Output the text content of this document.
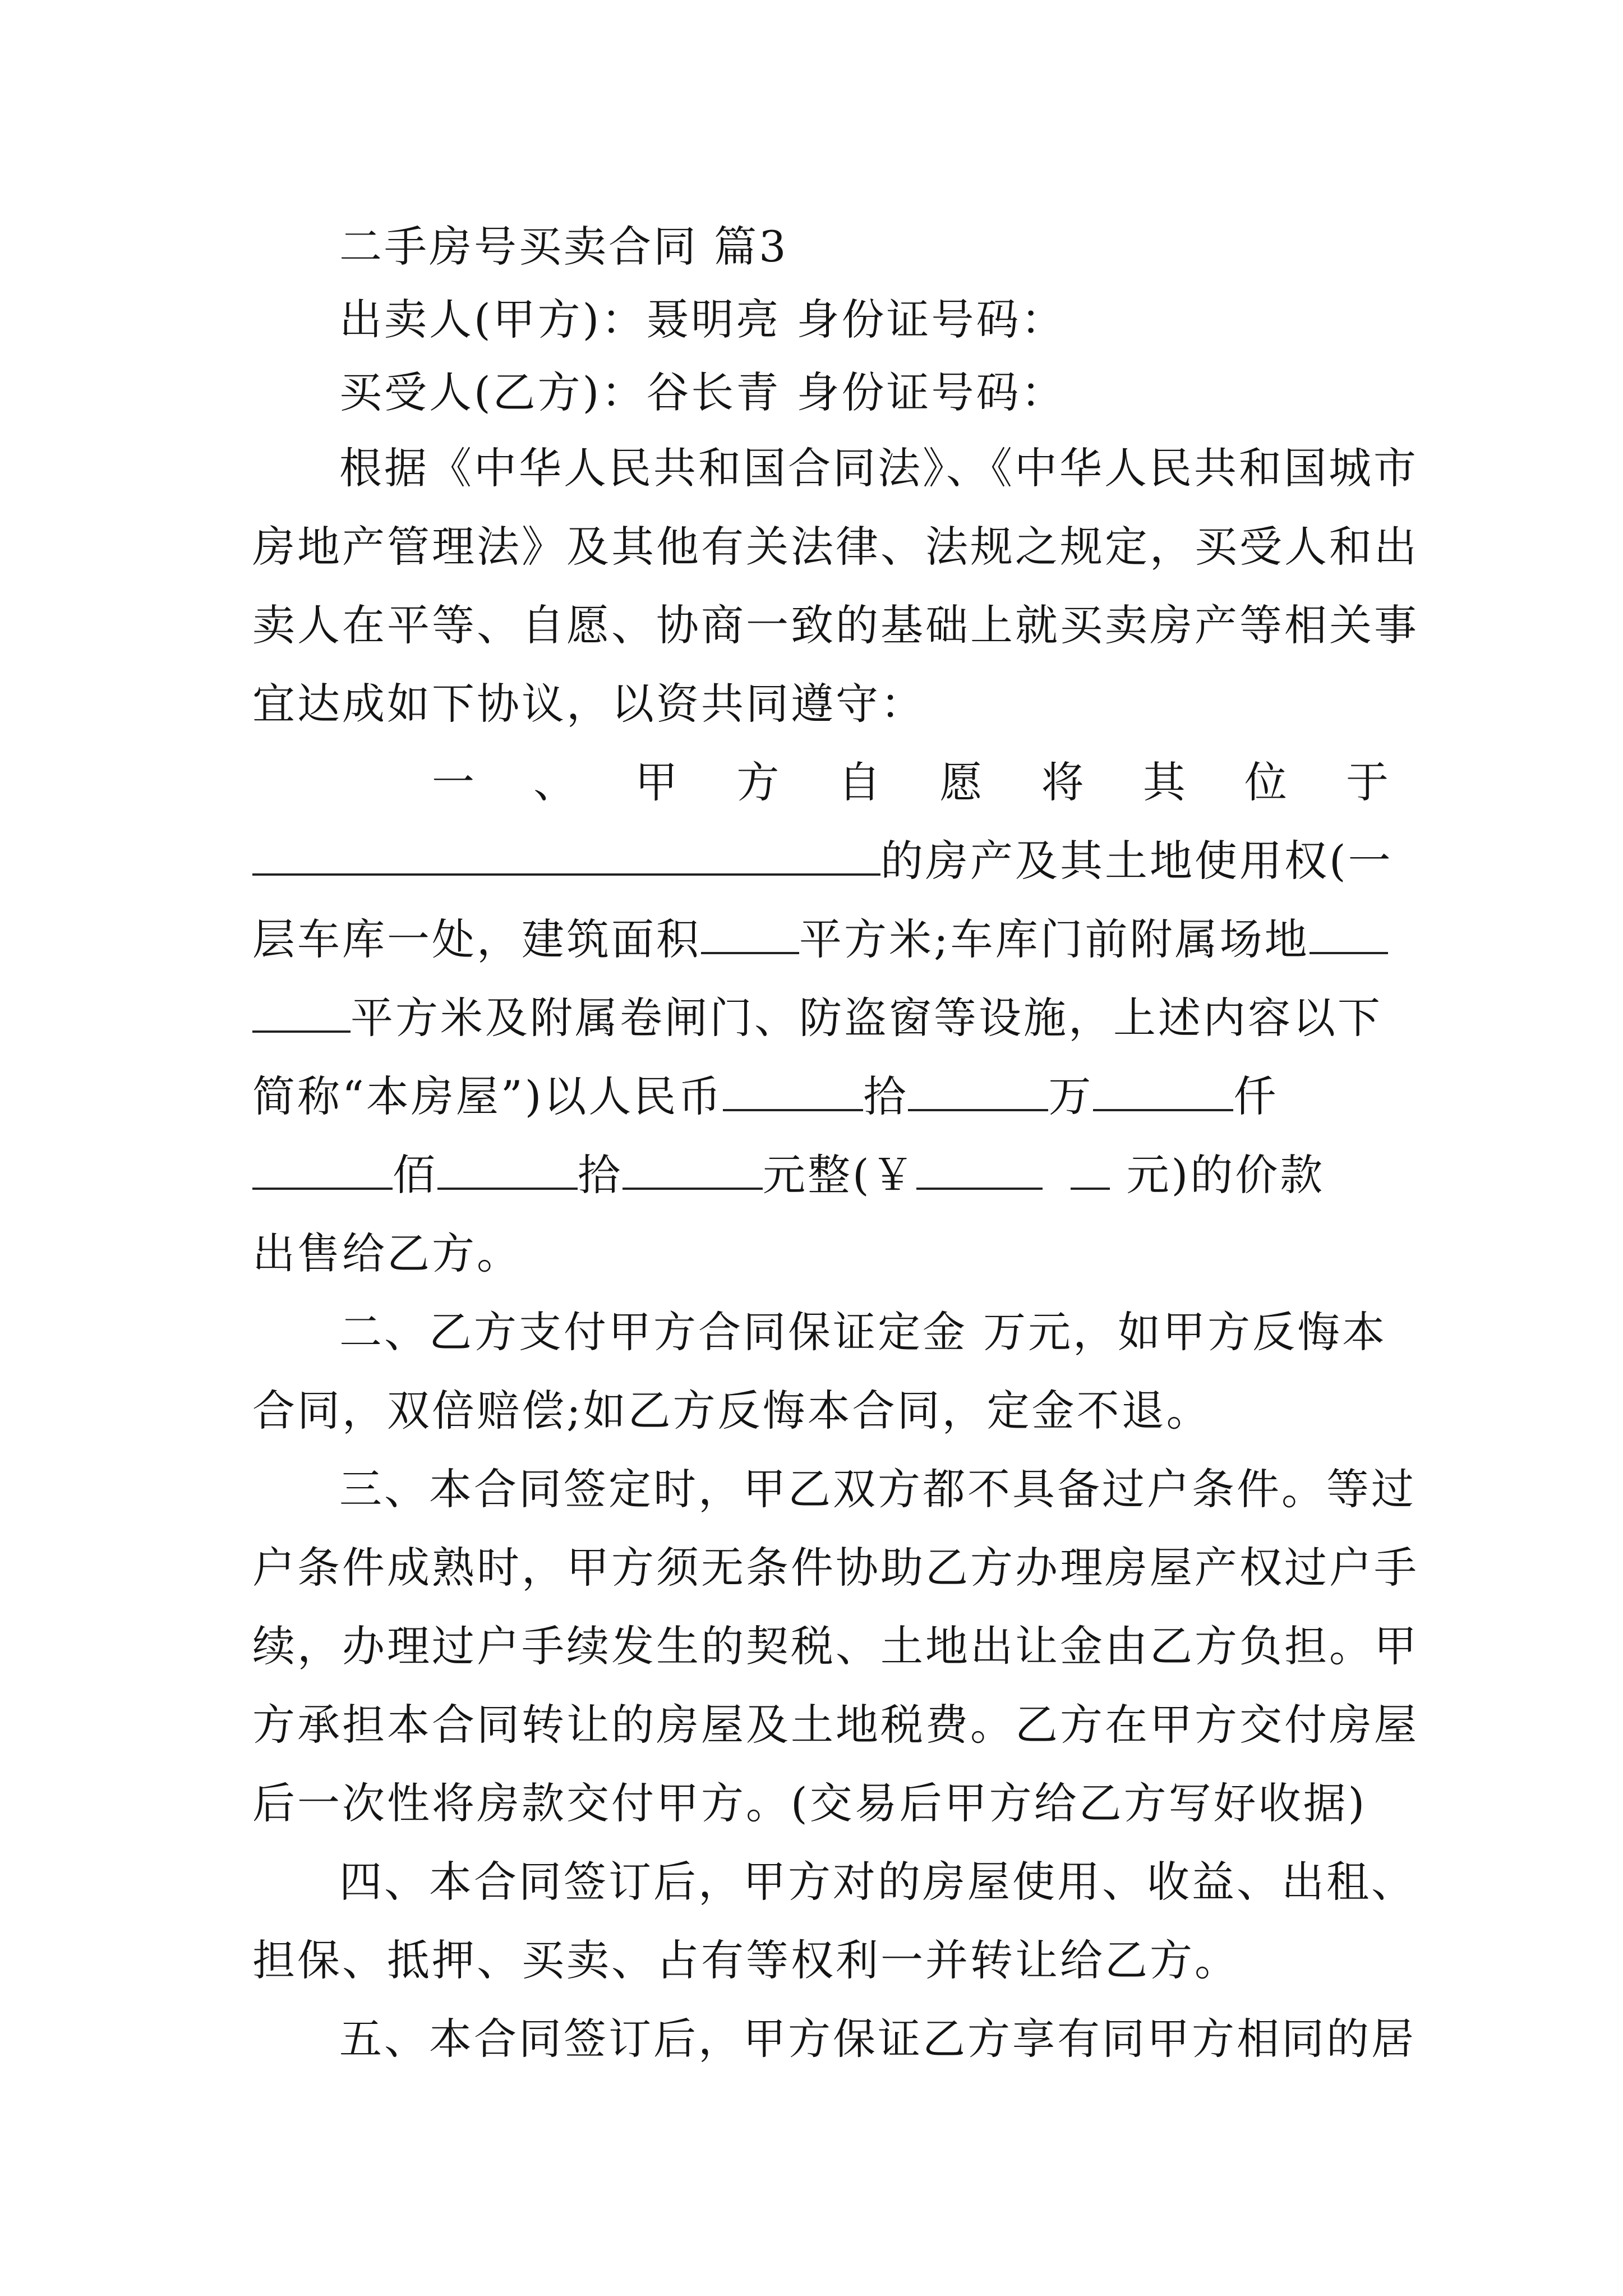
二手房号买卖合同 篇3
出卖人(甲方)：聂明亮 身份证号码：
买受人(乙方)：谷长青 身份证号码：
根据《中华人民共和国合同法》、《中华人民共和国城市
房地产管理法》及其他有关法律、法规之规定，买受人和出
卖人在平等、自愿、协商一致的基础上就买卖房产等相关事
宜达成如下协议，以资共同遵守：
一 、 甲 方 自 愿 将 其 位 于
的房产及其土地使用权(一
层车库一处，建筑面积 平方米;车库门前附属场地
平方米及附属卷闸门、防盗窗等设施，上述内容以下
简称“本房屋”)以人民币	拾	万	仟
佰	拾	元整(￥	元)的价款
出售给乙方。
二、乙方支付甲方合同保证定金 万元，如甲方反悔本
合同，双倍赔偿;如乙方反悔本合同，定金不退。
三、本合同签定时，甲乙双方都不具备过户条件。等过
户条件成熟时，甲方须无条件协助乙方办理房屋产权过户手
续，办理过户手续发生的契税、土地出让金由乙方负担。甲
方承担本合同转让的房屋及土地税费。乙方在甲方交付房屋
后一次性将房款交付甲方。(交易后甲方给乙方写好收据)
四、本合同签订后，甲方对的房屋使用、收益、出租、
担保、抵押、买卖、占有等权利一并转让给乙方。
五、本合同签订后，甲方保证乙方享有同甲方相同的居
